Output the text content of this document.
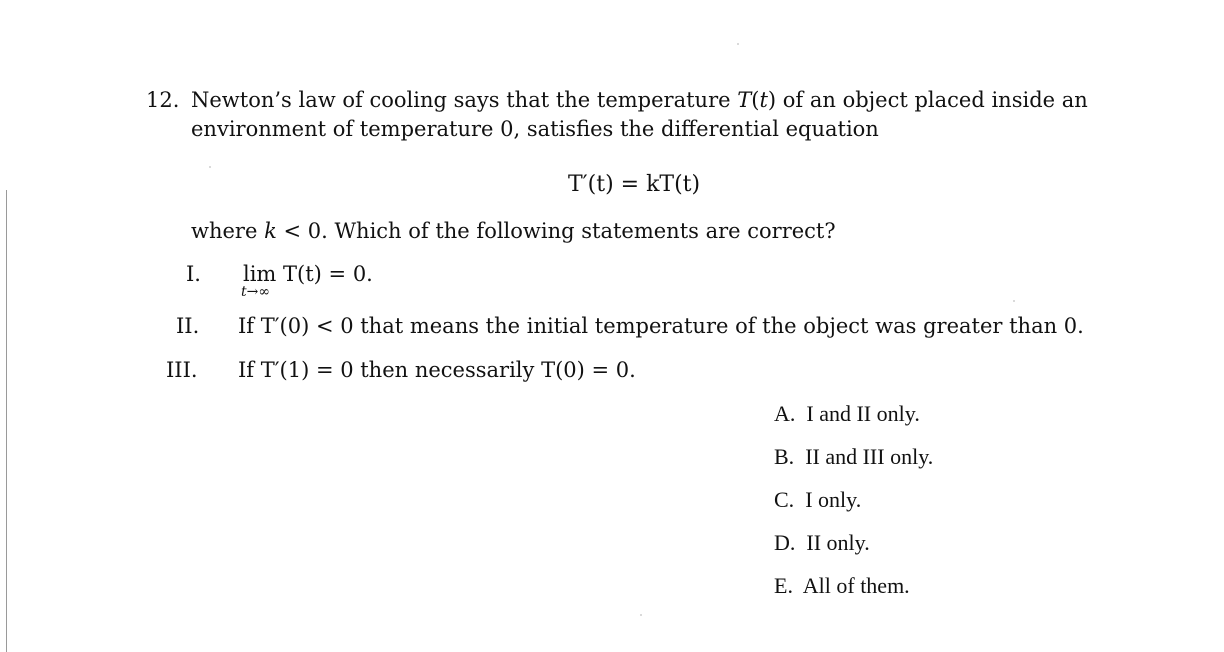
12. Newton’s law of cooling says that the temperature T(t) of an object placed inside an
environment of temperature 0, satisfies the differential equation
T′(t) = kT(t)
where k < 0. Which of the following statements are correct?
I. lim
t→∞
T(t) = 0.
II. If T′(0) < 0 that means the initial temperature of the object was greater than 0.
III. If T′(1) = 0 then necessarily T(0) = 0.
A. I and II only.
B. II and III only.
C. I only.
D. II only.
E. All of them.
